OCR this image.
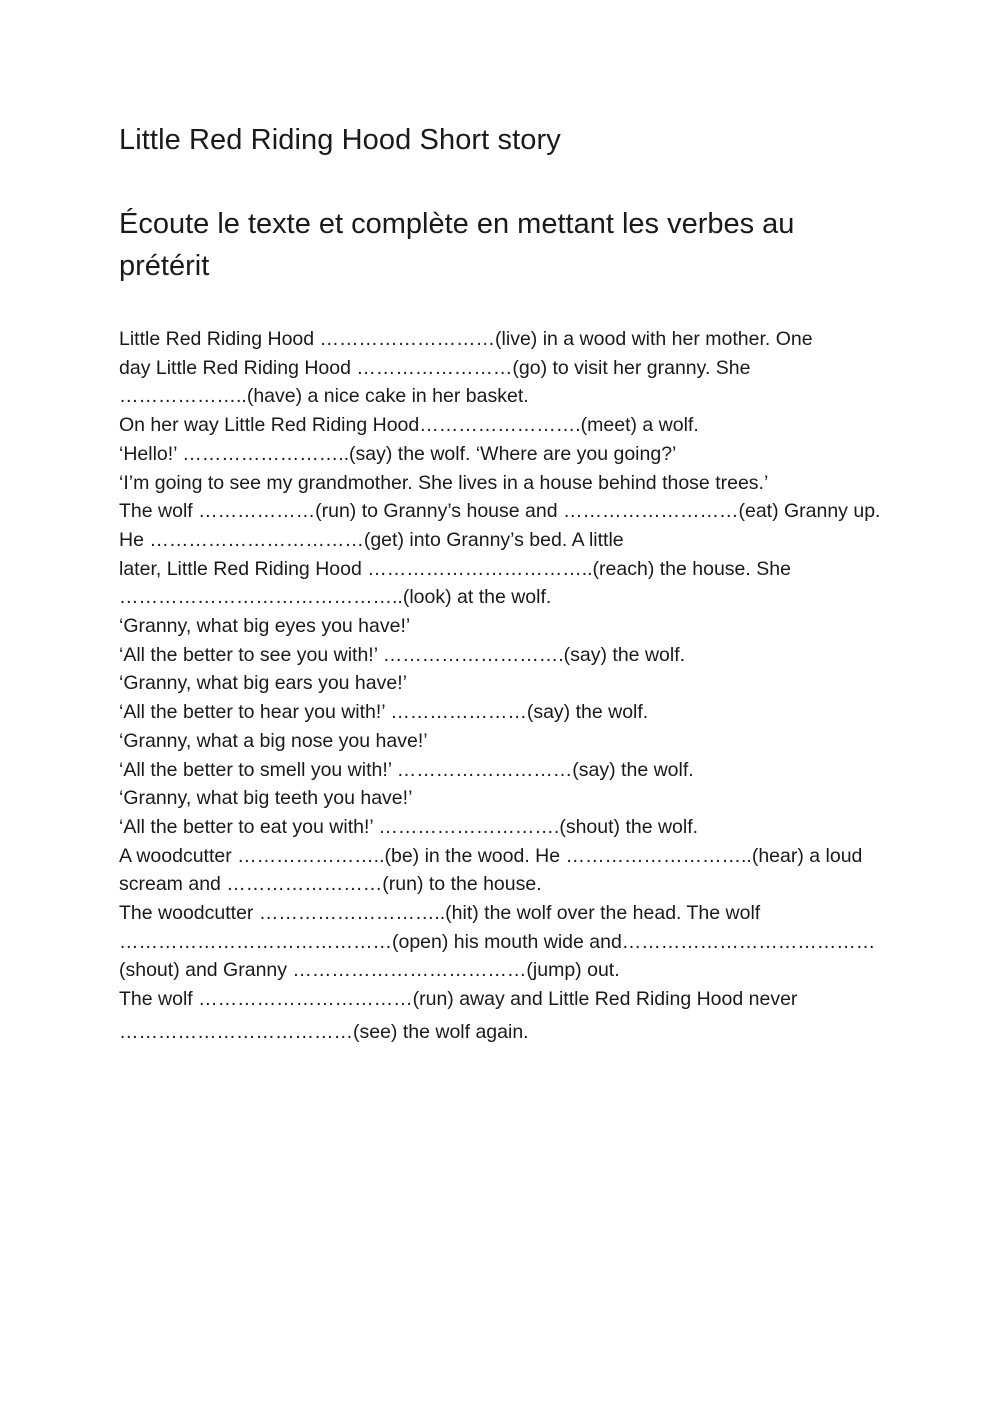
Little Red Riding Hood Short story
Écoute le texte et complète en mettant les verbes au prétérit
Little Red Riding Hood ………………………(live) in a wood with her mother. One
day Little Red Riding Hood ……………………(go) to visit her granny. She
………………..(have) a nice cake in her basket.
On her way Little Red Riding Hood…………………….(meet) a wolf.
‘Hello!’ ……………………..(say) the wolf. ‘Where are you going?’
‘I’m going to see my grandmother. She lives in a house behind those trees.’
The wolf ………………(run) to Granny’s house and ………………………(eat) Granny up.
He ……………………………(get) into Granny’s bed. A little
later, Little Red Riding Hood ……………………………..(reach) the house. She
……………………………………..(look) at the wolf.
‘Granny, what big eyes you have!’
‘All the better to see you with!’ ……………………….(say) the wolf.
‘Granny, what big ears you have!’
‘All the better to hear you with!’ …………………(say) the wolf.
‘Granny, what a big nose you have!’
‘All the better to smell you with!’ ………………………(say) the wolf.
‘Granny, what big teeth you have!’
‘All the better to eat you with!’ ……………………….(shout) the wolf.
A woodcutter …………………..(be) in the wood. He ………………………..(hear) a loud
scream and ……………………(run) to the house.
The woodcutter ………………………..(hit) the wolf over the head. The wolf
……………………………………(open) his mouth wide and…………………………………
(shout) and Granny ………………………………(jump) out.
The wolf ……………………………(run) away and Little Red Riding Hood never
………………………………(see) the wolf again.
